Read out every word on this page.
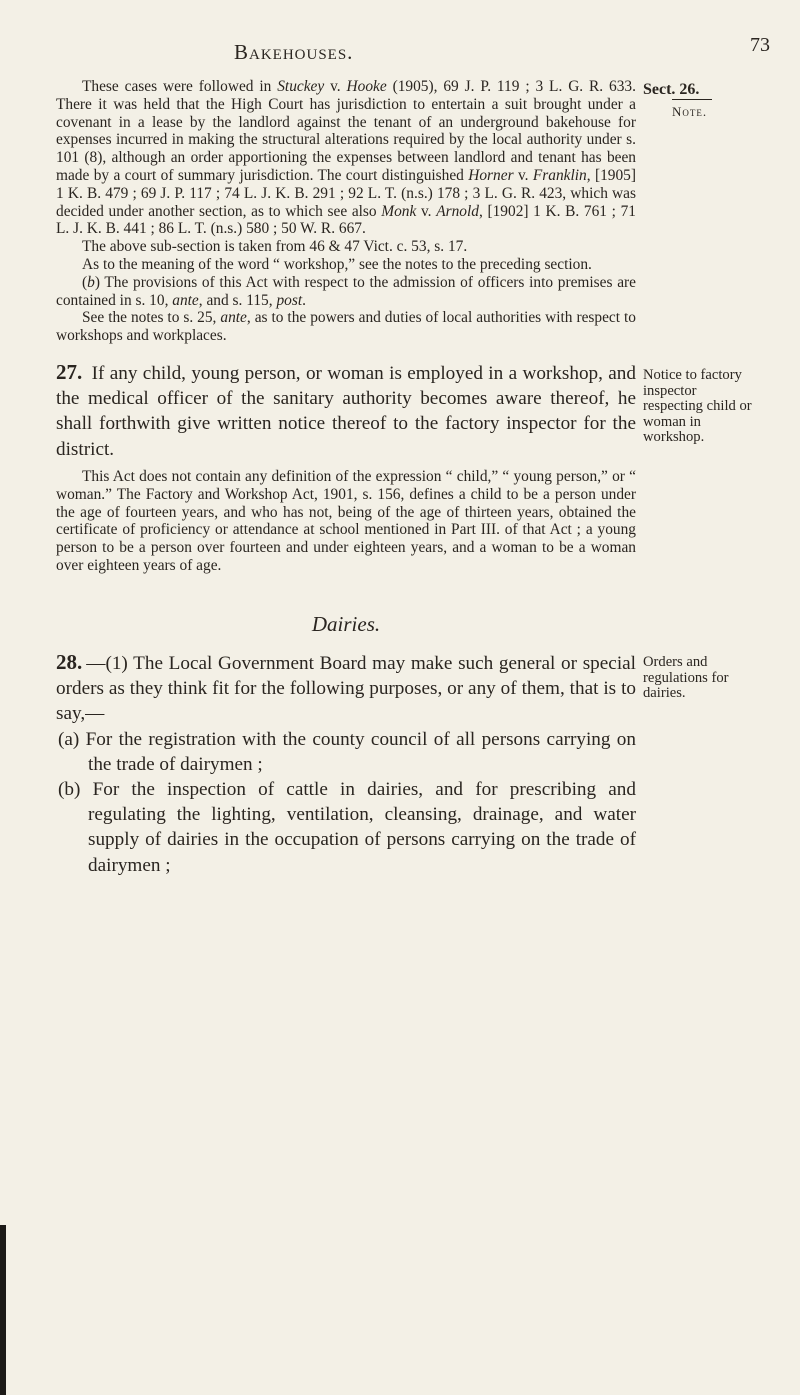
Bakehouses.	73
Sect. 26.
Note.

These cases were followed in Stuckey v. Hooke (1905), 69 J. P. 119 ; 3 L. G. R. 633. There it was held that the High Court has jurisdiction to entertain a suit brought under a covenant in a lease by the landlord against the tenant of an underground bakehouse for expenses incurred in making the structural alterations required by the local authority under s. 101 (8), although an order apportioning the expenses between landlord and tenant has been made by a court of summary jurisdiction. The court distinguished Horner v. Franklin, [1905] 1 K. B. 479 ; 69 J. P. 117 ; 74 L. J. K. B. 291 ; 92 L. T. (n.s.) 178 ; 3 L. G. R. 423, which was decided under another section, as to which see also Monk v. Arnold, [1902] 1 K. B. 761 ; 71 L. J. K. B. 441 ; 86 L. T. (n.s.) 580 ; 50 W. R. 667.

The above sub-section is taken from 46 & 47 Vict. c. 53, s. 17.

As to the meaning of the word “ workshop,” see the notes to the preceding section.

(b) The provisions of this Act with respect to the admission of officers into premises are contained in s. 10, ante, and s. 115, post.

See the notes to s. 25, ante, as to the powers and duties of local authorities with respect to workshops and workplaces.

27. If any child, young person, or woman is employed in a workshop, and the medical officer of the sanitary authority becomes aware thereof, he shall forthwith give written notice thereof to the factory inspector for the district.

Notice to factory inspector respecting child or woman in workshop.

This Act does not contain any definition of the expression “ child,” “ young person,” or “ woman.” The Factory and Workshop Act, 1901, s. 156, defines a child to be a person under the age of fourteen years, and who has not, being of the age of thirteen years, obtained the certificate of proficiency or attendance at school mentioned in Part III. of that Act ; a young person to be a person over fourteen and under eighteen years, and a woman to be a woman over eighteen years of age.

Dairies.

28. —(1) The Local Government Board may make such general or special orders as they think fit for the following purposes, or any of them, that is to say,—

(a) For the registration with the county council of all persons carrying on the trade of dairymen ;
(b) For the inspection of cattle in dairies, and for prescribing and regulating the lighting, ventilation, cleansing, drainage, and water supply of dairies in the occupation of persons carrying on the trade of dairymen ;
Orders and regulations for dairies.
